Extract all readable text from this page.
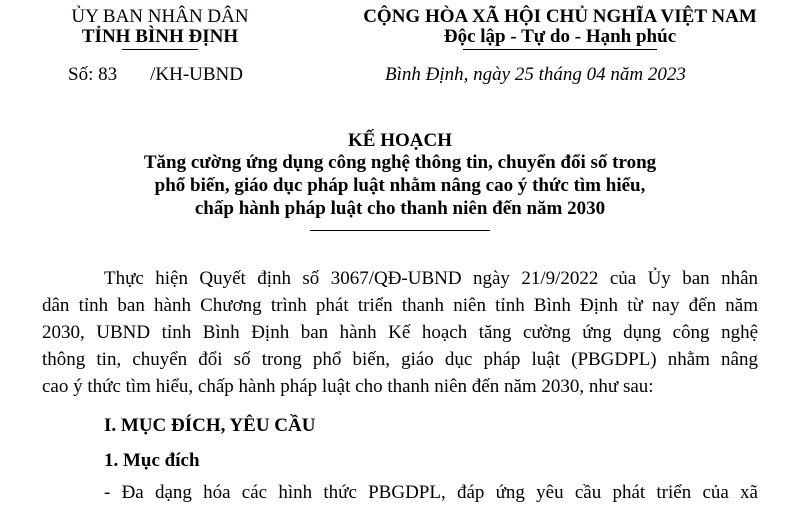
ỦY BAN NHÂN DÂN
TỈNH BÌNH ĐỊNH
CỘNG HÒA XÃ HỘI CHỦ NGHĨA VIỆT NAM
Độc lập - Tự do - Hạnh phúc
Số: 83 /KH-UBND	Bình Định, ngày 25 tháng 04 năm 2023
KẾ HOẠCH
Tăng cường ứng dụng công nghệ thông tin, chuyển đổi số trong
phổ biến, giáo dục pháp luật nhằm nâng cao ý thức tìm hiểu,
chấp hành pháp luật cho thanh niên đến năm 2030
Thực hiện Quyết định số 3067/QĐ-UBND ngày 21/9/2022 của Ủy ban nhân
dân tỉnh ban hành Chương trình phát triển thanh niên tỉnh Bình Định từ nay đến năm
2030, UBND tỉnh Bình Định ban hành Kế hoạch tăng cường ứng dụng công nghệ
thông tin, chuyển đổi số trong phổ biến, giáo dục pháp luật (PBGDPL) nhằm nâng
cao ý thức tìm hiểu, chấp hành pháp luật cho thanh niên đến năm 2030, như sau:
I. MỤC ĐÍCH, YÊU CẦU
1. Mục đích
- Đa dạng hóa các hình thức PBGDPL, đáp ứng yêu cầu phát triển của xã
